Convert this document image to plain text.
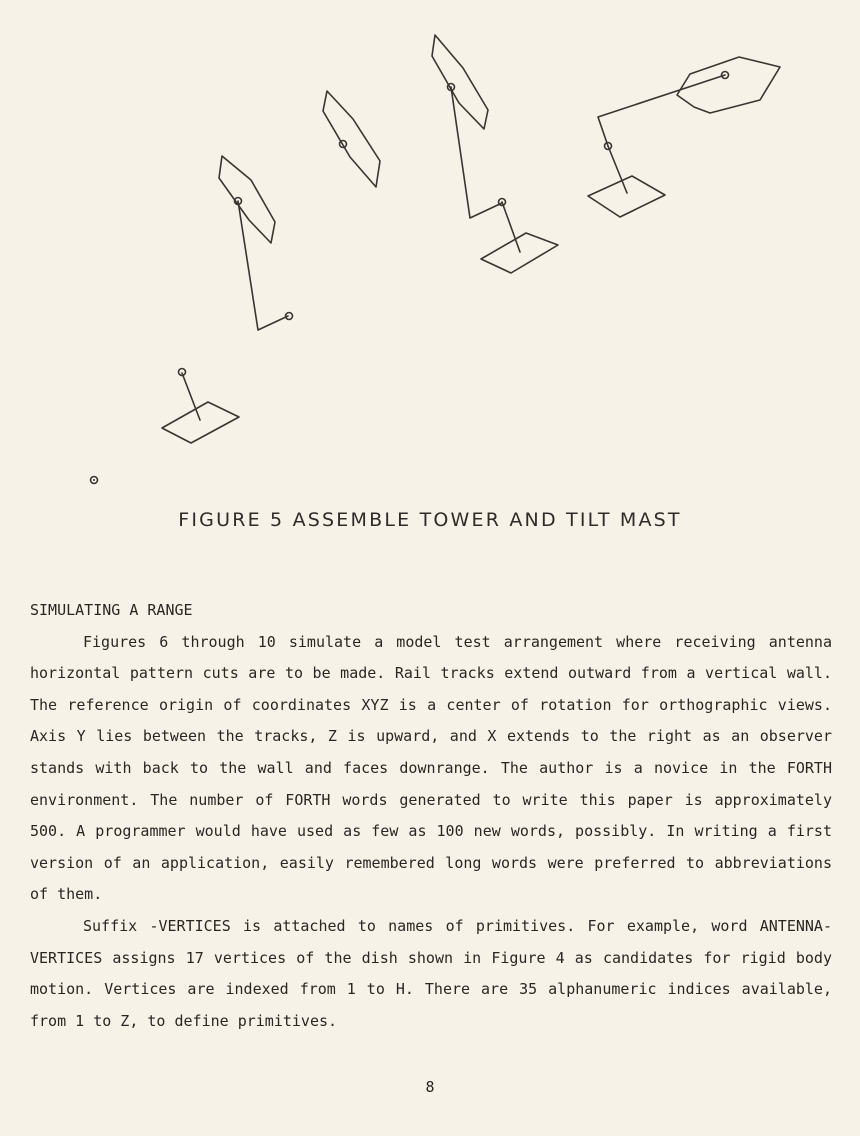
FIGURE 5 ASSEMBLE TOWER AND TILT MAST
SIMULATING A RANGE

Figures 6 through 10 simulate a model test arrangement where receiving antenna horizontal pattern cuts are to be made. Rail tracks extend outward from a vertical wall. The reference origin of coordinates XYZ is a center of rotation for orthographic views. Axis Y lies between the tracks, Z is upward, and X extends to the right as an observer stands with back to the wall and faces downrange. The author is a novice in the FORTH environment. The number of FORTH words generated to write this paper is approximately 500. A programmer would have used as few as 100 new words, possibly. In writing a first version of an application, easily remembered long words were preferred to abbreviations of them.

Suffix -VERTICES is attached to names of primitives. For example, word ANTENNA-VERTICES assigns 17 vertices of the dish shown in Figure 4 as candidates for rigid body motion. Vertices are indexed from 1 to H. There are 35 alphanumeric indices available, from 1 to Z, to define primitives.

8
